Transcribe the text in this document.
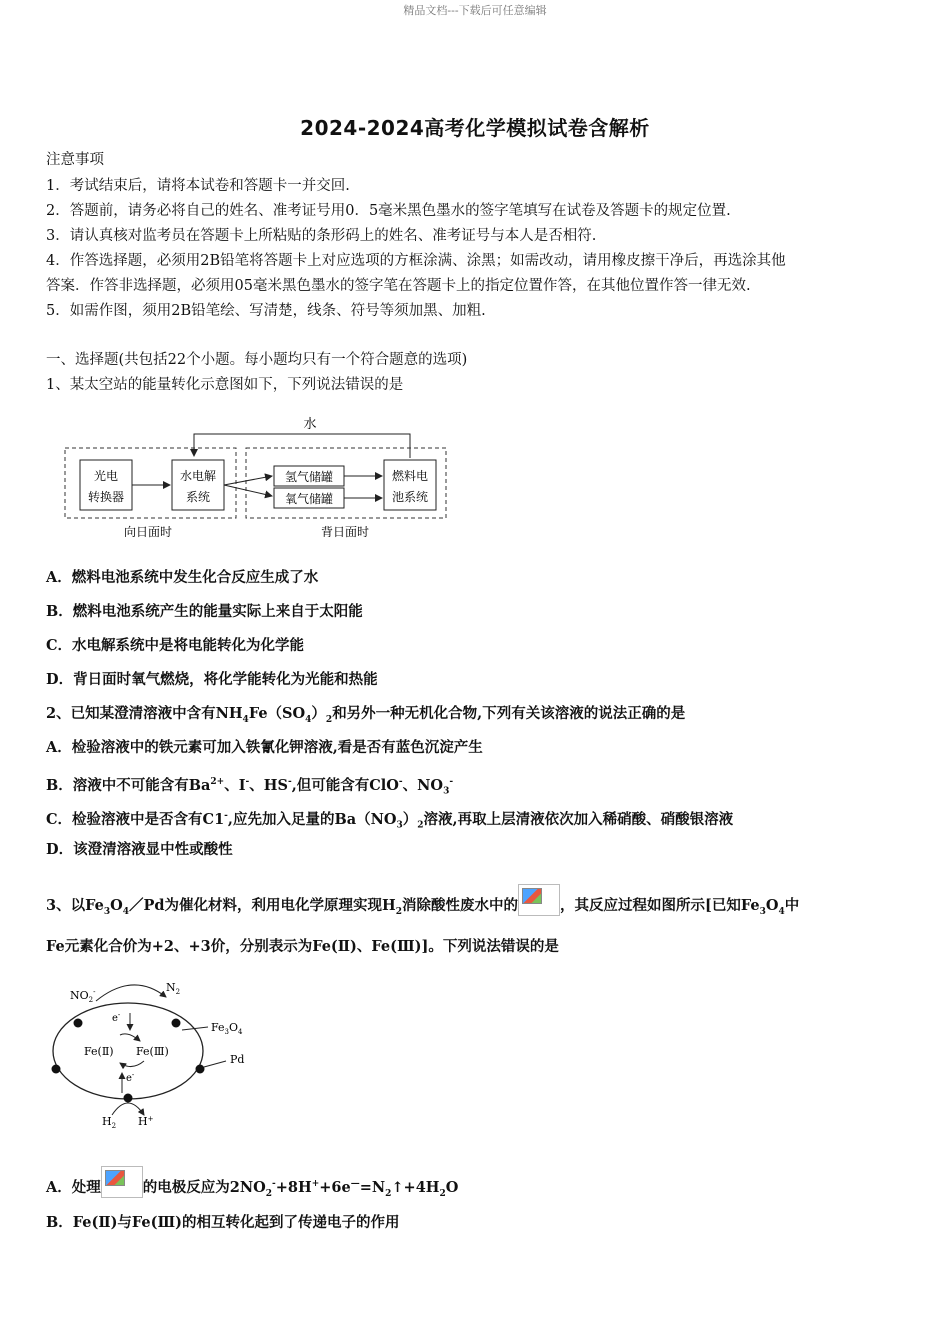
精品文档---下载后可任意编辑
2024-2024高考化学模拟试卷含解析
注意事项
1．考试结束后，请将本试卷和答题卡一并交回.
2．答题前，请务必将自己的姓名、准考证号用0．5毫米黑色墨水的签字笔填写在试卷及答题卡的规定位置.
3．请认真核对监考员在答题卡上所粘贴的条形码上的姓名、准考证号与本人是否相符.
4．作答选择题，必须用2B铅笔将答题卡上对应选项的方框涂满、涂黑；如需改动，请用橡皮擦干净后，再选涂其他
答案．作答非选择题，必须用05毫米黑色墨水的签字笔在答题卡上的指定位置作答，在其他位置作答一律无效.
5．如需作图，须用2B铅笔绘、写清楚，线条、符号等须加黑、加粗.
一、选择题(共包括22个小题。每小题均只有一个符合题意的选项)
1、某太空站的能量转化示意图如下，下列说法错误的是
水
光电
转换器
水电解
系统
氢气储罐
氧气储罐
燃料电
池系统
向日面时	背日面时
A．燃料电池系统中发生化合反应生成了水
B．燃料电池系统产生的能量实际上来自于太阳能
C．水电解系统中是将电能转化为化学能
D．背日面时氧气燃烧，将化学能转化为光能和热能
2、已知某澄清溶液中含有$NH_4Fe(SO_4)_2$和另外一种无机化合物,下列有关该溶液的说法正确的是
A．检验溶液中的铁元素可加入铁氰化钾溶液,看是否有蓝色沉淀产生
B．溶液中不可能含有$Ba^{2+}$、I-、HS-,但可能含有ClO-、$NO_3^-$
C．检验溶液中是否含有C1-,应先加入足量的$Ba(NO_3)_2$溶液,再取上层清液依次加入稀硝酸、硝酸银溶液
D．该澄清溶液显中性或酸性
3、以$Fe_3O_4/Pd$为催化材料，利用电化学原理实现$H_2$消除酸性废水中的	，其反应过程如图所示[已知$Fe_3O_4$中
Fe元素化合价为+2、+3价，分别表示为Fe(Ⅱ)、Fe(Ⅲ)]。下列说法错误的是
$NO_2^-$	$N_2$
e-
Fe(Ⅱ) Fe(Ⅲ)
e-
$Fe_3O_4$
Pd
$H_2$ H+
A．处理	的电极反应为$2NO_2^-+8H^++6e^—=N_2↑+4H_2O$
B．Fe(Ⅱ)与Fe(Ⅲ)的相互转化起到了传递电子的作用
